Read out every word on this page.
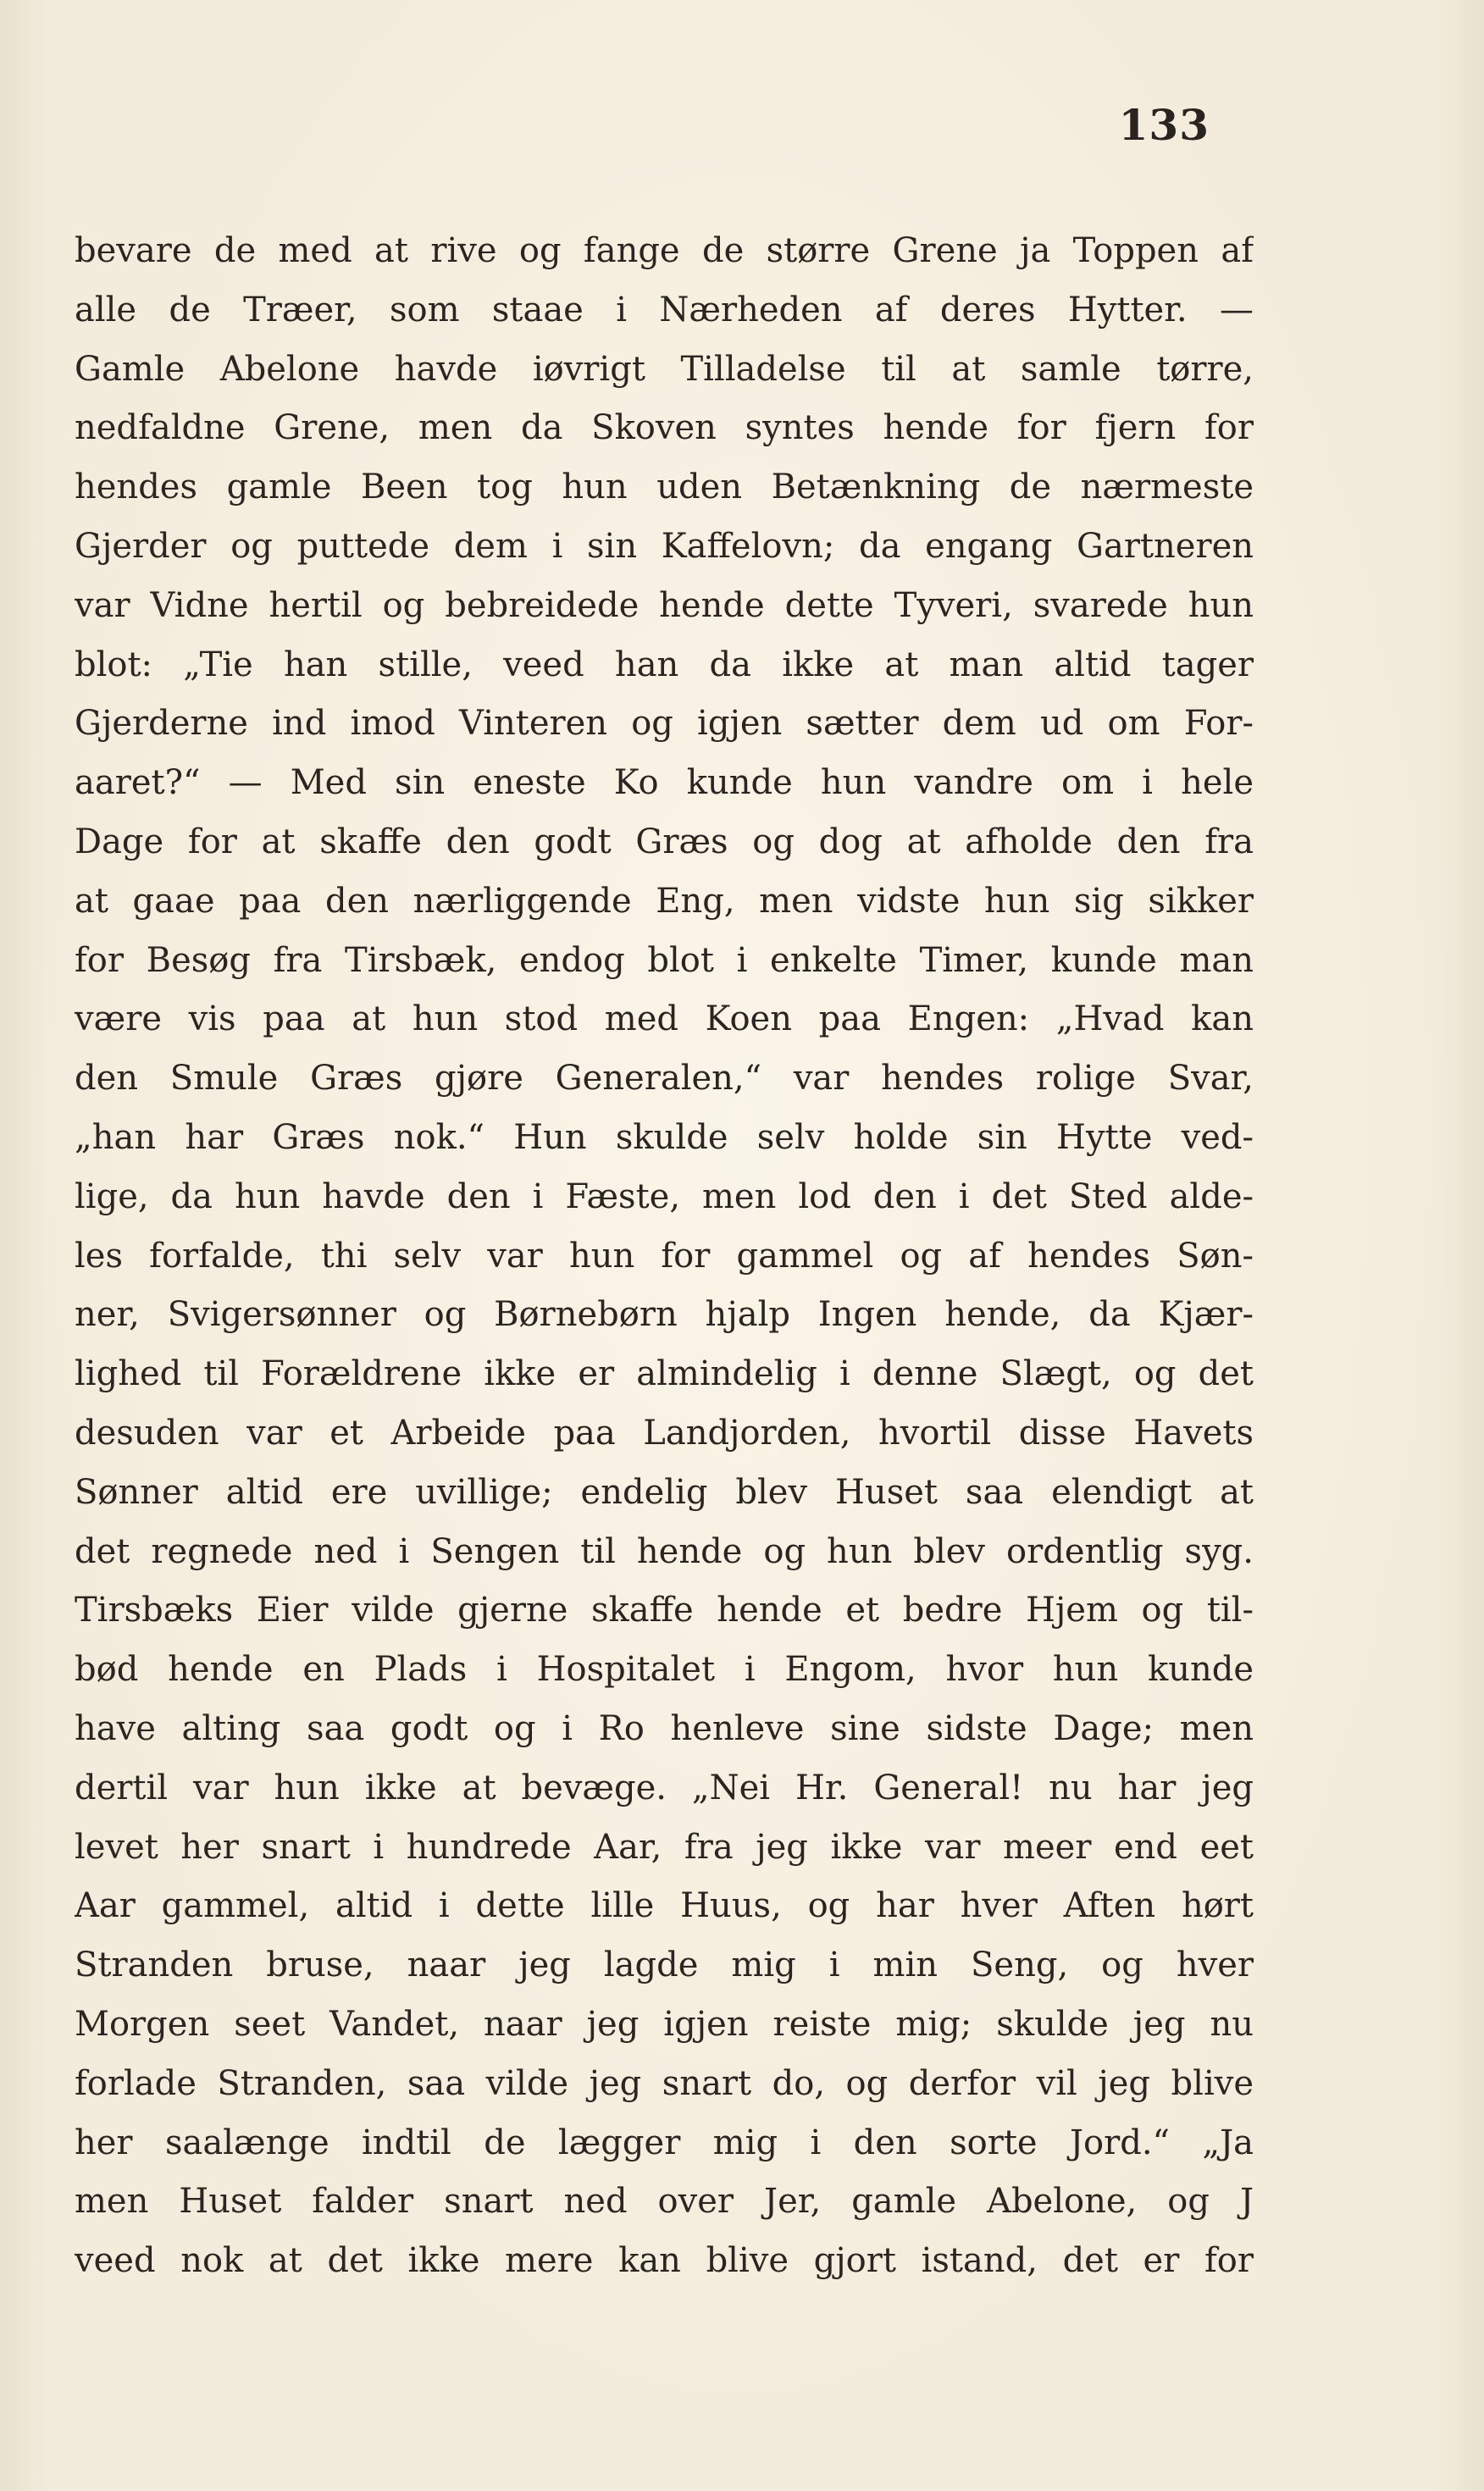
133
bevare de med at rive og fange de større Grene ja Toppen af
alle de Træer, som staae i Nærheden af deres Hytter. —
Gamle Abelone havde iøvrigt Tilladelse til at samle tørre,
nedfaldne Grene, men da Skoven syntes hende for fjern for
hendes gamle Been tog hun uden Betænkning de nærmeste
Gjerder og puttede dem i sin Kaffelovn; da engang Gartneren
var Vidne hertil og bebreidede hende dette Tyveri, svarede hun
blot: „Tie han stille, veed han da ikke at man altid tager
Gjerderne ind imod Vinteren og igjen sætter dem ud om For-
aaret?“ — Med sin eneste Ko kunde hun vandre om i hele
Dage for at skaffe den godt Græs og dog at afholde den fra
at gaae paa den nærliggende Eng, men vidste hun sig sikker
for Besøg fra Tirsbæk, endog blot i enkelte Timer, kunde man
være vis paa at hun stod med Koen paa Engen: „Hvad kan
den Smule Græs gjøre Generalen,“ var hendes rolige Svar,
„han har Græs nok.“ Hun skulde selv holde sin Hytte ved-
lige, da hun havde den i Fæste, men lod den i det Sted alde-
les forfalde, thi selv var hun for gammel og af hendes Søn-
ner, Svigersønner og Børnebørn hjalp Ingen hende, da Kjær-
lighed til Forældrene ikke er almindelig i denne Slægt, og det
desuden var et Arbeide paa Landjorden, hvortil disse Havets
Sønner altid ere uvillige; endelig blev Huset saa elendigt at
det regnede ned i Sengen til hende og hun blev ordentlig syg.
Tirsbæks Eier vilde gjerne skaffe hende et bedre Hjem og til-
bød hende en Plads i Hospitalet i Engom, hvor hun kunde
have alting saa godt og i Ro henleve sine sidste Dage; men
dertil var hun ikke at bevæge. „Nei Hr. General! nu har jeg
levet her snart i hundrede Aar, fra jeg ikke var meer end eet
Aar gammel, altid i dette lille Huus, og har hver Aften hørt
Stranden bruse, naar jeg lagde mig i min Seng, og hver
Morgen seet Vandet, naar jeg igjen reiste mig; skulde jeg nu
forlade Stranden, saa vilde jeg snart do, og derfor vil jeg blive
her saalænge indtil de lægger mig i den sorte Jord.“ „Ja
men Huset falder snart ned over Jer, gamle Abelone, og J
veed nok at det ikke mere kan blive gjort istand, det er for
